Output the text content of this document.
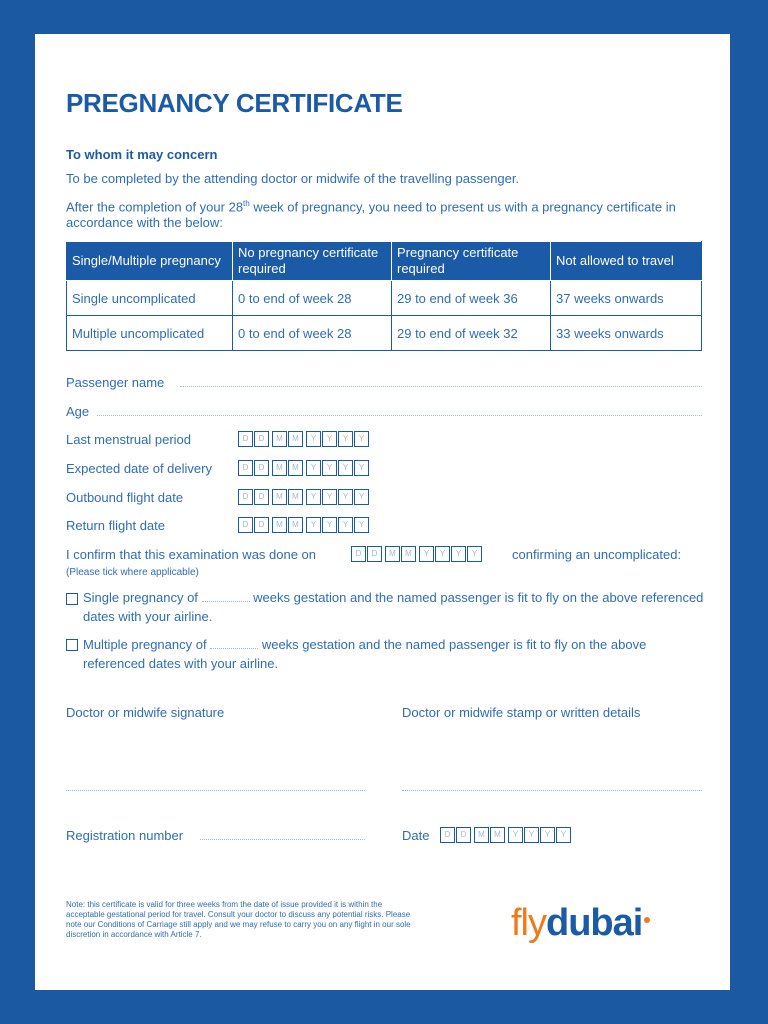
PREGNANCY CERTIFICATE
To whom it may concern
To be completed by the attending doctor or midwife of the travelling passenger.
After the completion of your 28th week of pregnancy, you need to present us with a pregnancy certificate in accordance with the below:
Single/Multiple pregnancy	No pregnancy certificate required	Pregnancy certificate required	Not allowed to travel
Single uncomplicated	0 to end of week 28	29 to end of week 36	37 weeks onwards
Multiple uncomplicated	0 to end of week 28	29 to end of week 32	33 weeks onwards
Passenger name
Age
Last menstrual period	D	D	M	M	Y	Y	Y	Y
Expected date of delivery	D	D	M	M	Y	Y	Y	Y
Outbound flight date	D	D	M	M	Y	Y	Y	Y
Return flight date	D	D	M	M	Y	Y	Y	Y
I confirm that this examination was done on	D	D	M	M	Y	Y	Y	Y	confirming an uncomplicated:
(Please tick where applicable)
Single pregnancy of	weeks gestation and the named passenger is fit to fly on the above referenced dates with your airline.
Multiple pregnancy of	weeks gestation and the named passenger is fit to fly on the above referenced dates with your airline.
Doctor or midwife signature	Doctor or midwife stamp or written details
Registration number	Date	D	D	M	M	Y	Y	Y	Y
Note: this certificate is valid for three weeks from the date of issue provided it is within the acceptable gestational period for travel. Consult your doctor to discuss any potential risks. Please note our Conditions of Carriage still apply and we may refuse to carry you on any flight in our sole discretion in accordance with Article 7.	flydubai
